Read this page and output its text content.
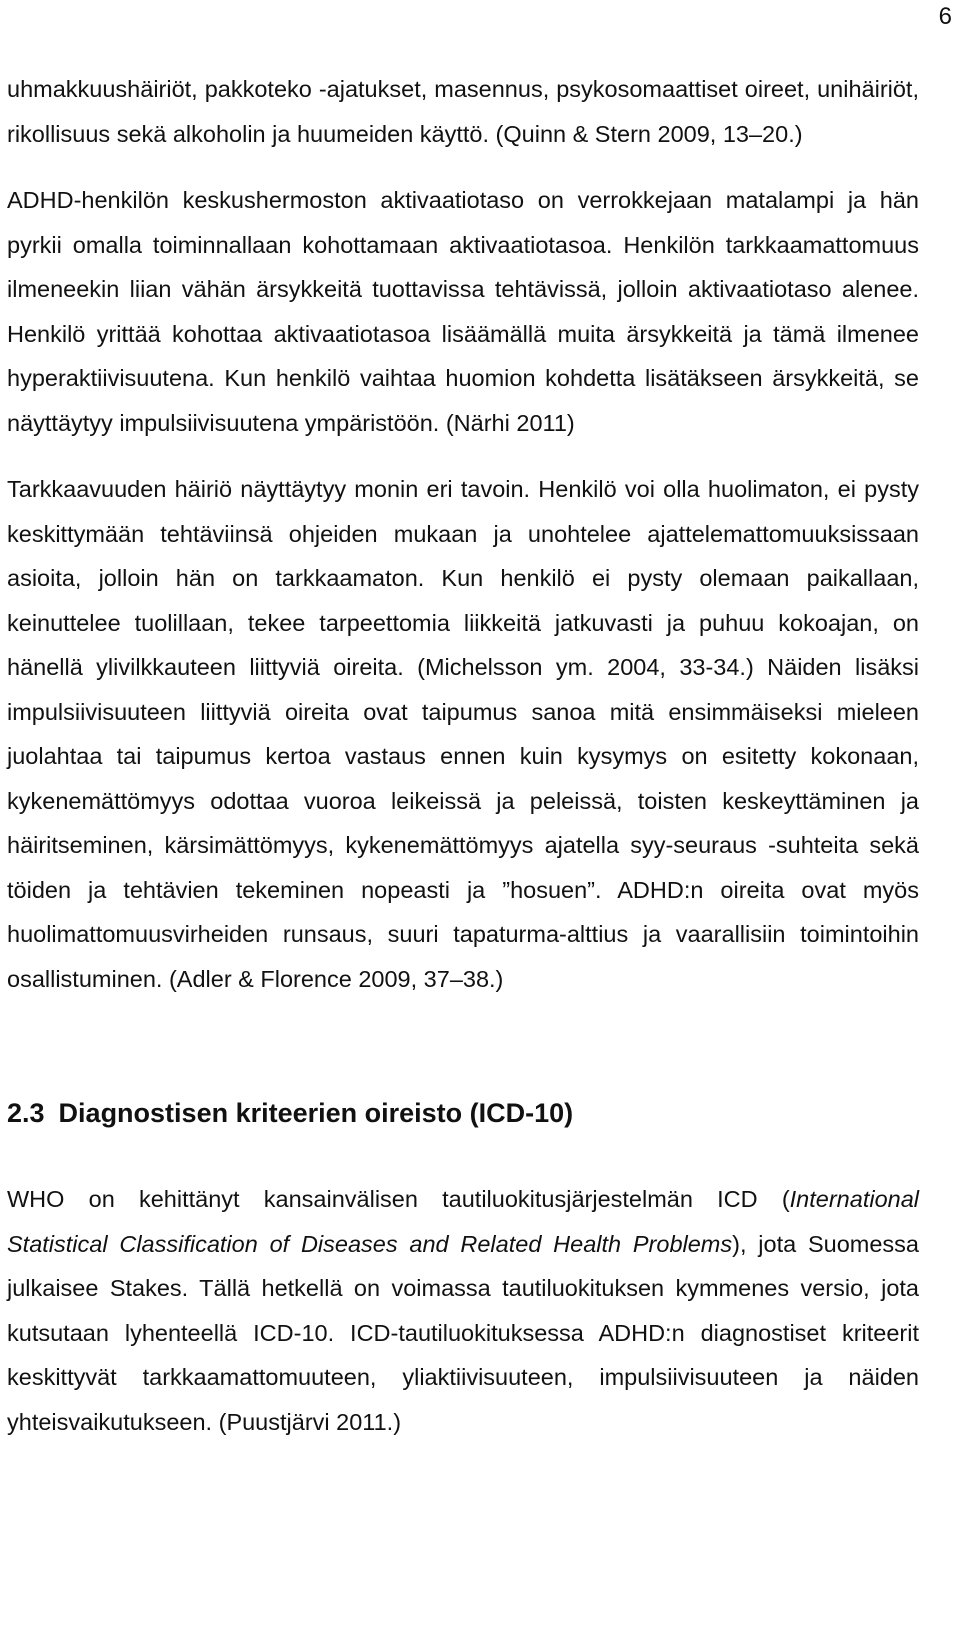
6

uhmakkuushäiriöt, pakkoteko -ajatukset, masennus, psykosomaattiset oireet, unihäiriöt, rikollisuus sekä alkoholin ja huumeiden käyttö. (Quinn & Stern 2009, 13–20.)

ADHD-henkilön keskushermoston aktivaatiotaso on verrokkejaan matalampi ja hän pyrkii omalla toiminnallaan kohottamaan aktivaatiotasoa. Henkilön tarkkaamattomuus ilmeneekin liian vähän ärsykkeitä tuottavissa tehtävissä, jolloin aktivaatiotaso alenee. Henkilö yrittää kohottaa aktivaatiotasoa lisäämällä muita ärsykkeitä ja tämä ilmenee hyperaktiivisuutena. Kun henkilö vaihtaa huomion kohdetta lisätäkseen ärsykkeitä, se näyttäytyy impulsiivisuutena ympäristöön. (Närhi 2011)

Tarkkaavuuden häiriö näyttäytyy monin eri tavoin. Henkilö voi olla huolimaton, ei pysty keskittymään tehtäviinsä ohjeiden mukaan ja unohtelee ajattelemattomuuksissaan asioita, jolloin hän on tarkkaamaton. Kun henkilö ei pysty olemaan paikallaan, keinuttelee tuolillaan, tekee tarpeettomia liikkeitä jatkuvasti ja puhuu kokoajan, on hänellä ylivilkkauteen liittyviä oireita. (Michelsson ym. 2004, 33-34.) Näiden lisäksi impulsiivisuuteen liittyviä oireita ovat taipumus sanoa mitä ensimmäiseksi mieleen juolahtaa tai taipumus kertoa vastaus ennen kuin kysymys on esitetty kokonaan, kykenemättömyys odottaa vuoroa leikeissä ja peleissä, toisten keskeyttäminen ja häiritseminen, kärsimättömyys, kykenemättömyys ajatella syy-seuraus -suhteita sekä töiden ja tehtävien tekeminen nopeasti ja ”hosuen”. ADHD:n oireita ovat myös huolimattomuusvirheiden runsaus, suuri tapaturma-alttius ja vaarallisiin toimintoihin osallistuminen. (Adler & Florence 2009, 37–38.)

2.3 Diagnostisen kriteerien oireisto (ICD-10)

WHO on kehittänyt kansainvälisen tautiluokitusjärjestelmän ICD (International Statistical Classification of Diseases and Related Health Problems), jota Suomessa julkaisee Stakes. Tällä hetkellä on voimassa tautiluokituksen kymmenes versio, jota kutsutaan lyhenteellä ICD-10. ICD-tautiluokituksessa ADHD:n diagnostiset kriteerit keskittyvät tarkkaamattomuuteen, yliaktiivisuuteen, impulsiivisuuteen ja näiden yhteisvaikutukseen. (Puustjärvi 2011.)
